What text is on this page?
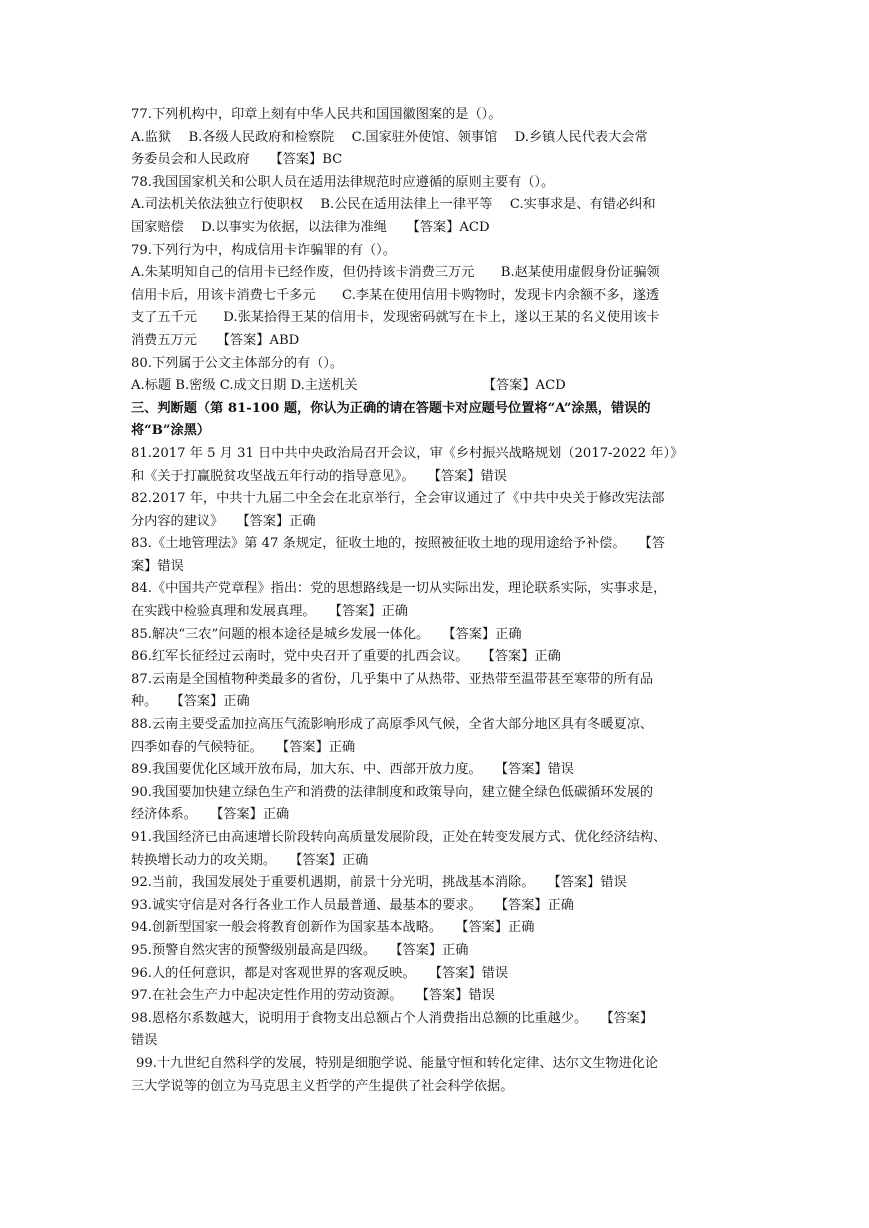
77.下列机构中，印章上刻有中华人民共和国国徽图案的是（）。

A.监狱　 B.各级人民政府和检察院　 C.国家驻外使馆、领事馆　 D.乡镇人民代表大会常

务委员会和人民政府　　【答案】BC

78.我国国家机关和公职人员在适用法律规范时应遵循的原则主要有（）。

A.司法机关依法独立行使职权　 B.公民在适用法律上一律平等　 C.实事求是、有错必纠和

国家赔偿　 D.以事实为依据，以法律为准绳　　【答案】ACD

79.下列行为中，构成信用卡诈骗罪的有（）。

A.朱某明知自己的信用卡已经作废，但仍持该卡消费三万元　　B.赵某使用虚假身份证骗领

信用卡后，用该卡消费七千多元　　C.李某在使用信用卡购物时，发现卡内余额不多，遂透

支了五千元　　D.张某拾得王某的信用卡，发现密码就写在卡上，遂以王某的名义使用该卡

消费五万元　　【答案】ABD

80.下列属于公文主体部分的有（）。

A.标题 B.密级 C.成文日期 D.主送机关　　　　　　　　　　【答案】ACD

三、判断题（第 81-100 题，你认为正确的请在答题卡对应题号位置将“A”涂黑，错误的

将“B”涂黑）

81.2017 年 5 月 31 日中共中央政治局召开会议，审《乡村振兴战略规划（2017-2022 年）》

和《关于打赢脱贫攻坚战五年行动的指导意见》。　　【答案】错误

82.2017 年，中共十九届二中全会在北京举行，全会审议通过了《中共中央关于修改宪法部

分内容的建议》　　【答案】正确

83.《土地管理法》第 47 条规定，征收土地的，按照被征收土地的现用途给予补偿。　　【答

案】错误

84.《中国共产党章程》指出：党的思想路线是一切从实际出发，理论联系实际，实事求是，

在实践中检验真理和发展真理。　　【答案】正确

85.解决“三农”问题的根本途径是城乡发展一体化。　　【答案】正确

86.红军长征经过云南时，党中央召开了重要的扎西会议。　　【答案】正确

87.云南是全国植物种类最多的省份，几乎集中了从热带、亚热带至温带甚至寒带的所有品

种。　　【答案】正确

88.云南主要受孟加拉高压气流影响形成了高原季风气候，全省大部分地区具有冬暖夏凉、

四季如春的气候特征。　　【答案】正确

89.我国要优化区域开放布局，加大东、中、西部开放力度。　　【答案】错误

90.我国要加快建立绿色生产和消费的法律制度和政策导向，建立健全绿色低碳循环发展的

经济体系。　　【答案】正确

91.我国经济已由高速增长阶段转向高质量发展阶段，正处在转变发展方式、优化经济结构、

转换增长动力的攻关期。　　【答案】正确

92.当前，我国发展处于重要机遇期，前景十分光明，挑战基本消除。　　【答案】错误

93.诚实守信是对各行各业工作人员最普通、最基本的要求。　　【答案】正确

94.创新型国家一般会将教育创新作为国家基本战略。　　【答案】正确

95.预警自然灾害的预警级别最高是四级。　　【答案】正确

96.人的任何意识，都是对客观世界的客观反映。　　【答案】错误

97.在社会生产力中起决定性作用的劳动资源。　　【答案】错误

98.恩格尔系数越大，说明用于食物支出总额占个人消费指出总额的比重越少。　　【答案】

错误

99.十九世纪自然科学的发展，特别是细胞学说、能量守恒和转化定律、达尔文生物进化论

三大学说等的创立为马克思主义哲学的产生提供了社会科学依据。
